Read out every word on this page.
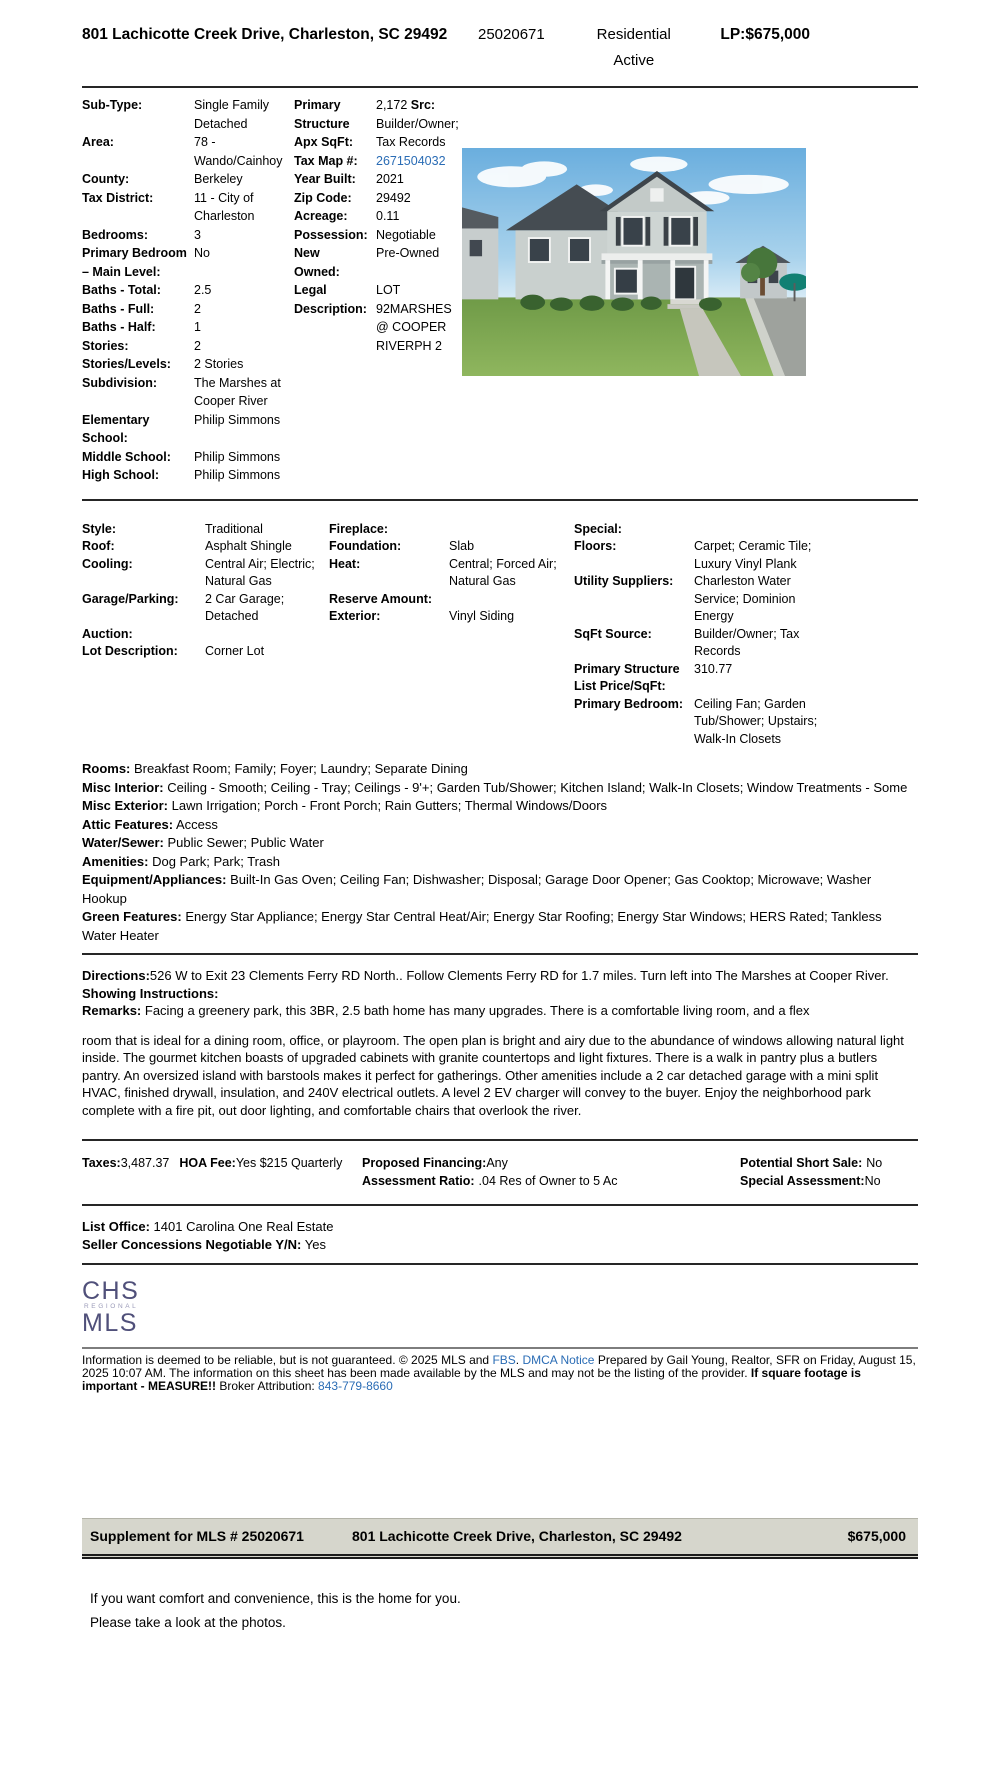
801 Lachicotte Creek Drive, Charleston, SC 29492	25020671	Residential
Active
LP:$675,000
Sub-Type:	Single Family Detached
Area:	78 - Wando/Cainhoy
County:	Berkeley
Tax District:	11 - City of Charleston
Bedrooms:	3
Primary Bedroom – Main Level:
No
Baths - Total:	2.5
Baths - Full:	2
Baths - Half:	1
Stories:	2
Stories/Levels:	2 Stories
Subdivision:	The Marshes at Cooper River
Elementary School:
Philip Simmons
Middle School:	Philip Simmons
High School:	Philip Simmons
Primary Structure Apx SqFt:
2,172 Src: Builder/Owner; Tax Records
Tax Map #:	2671504032
Year Built:	2021
Zip Code:	29492
Acreage:	0.11
Possession: Negotiable
New
Owned:
Pre-Owned
Legal Description:
LOT 92MARSHES @ COOPER RIVERPH 2
Style:	Traditional
Roof:	Asphalt Shingle
Cooling:	Central Air; Electric; Natural Gas
Garage/Parking:	2 Car Garage; Detached
Auction:
Lot Description:	Corner Lot
Fireplace:
Foundation:	Slab
Heat:	Central; Forced Air; Natural Gas
Reserve Amount:
Exterior:	Vinyl Siding
Special:
Floors:	Carpet; Ceramic Tile; Luxury Vinyl Plank
Utility Suppliers:	Charleston Water Service; Dominion Energy
SqFt Source:	Builder/Owner; Tax Records
Primary Structure List Price/SqFt:
310.77
Primary Bedroom: Ceiling Fan; Garden Tub/Shower; Upstairs; Walk-In Closets

Rooms: Breakfast Room; Family; Foyer; Laundry; Separate Dining

Misc Interior: Ceiling - Smooth; Ceiling - Tray; Ceilings - 9'+; Garden Tub/Shower; Kitchen Island; Walk-In Closets; Window Treatments - Some

Misc Exterior: Lawn Irrigation; Porch - Front Porch; Rain Gutters; Thermal Windows/Doors

Attic Features: Access

Water/Sewer: Public Sewer; Public Water

Amenities: Dog Park; Park; Trash

Equipment/Appliances: Built-In Gas Oven; Ceiling Fan; Dishwasher; Disposal; Garage Door Opener; Gas Cooktop; Microwave; Washer Hookup

Green Features: Energy Star Appliance; Energy Star Central Heat/Air; Energy Star Roofing; Energy Star Windows; HERS Rated; Tankless Water Heater

Directions:526 W to Exit 23 Clements Ferry RD North.. Follow Clements Ferry RD for 1.7 miles. Turn left into The Marshes at Cooper River.

Showing Instructions:

Remarks: Facing a greenery park, this 3BR, 2.5 bath home has many upgrades. There is a comfortable living room, and a flex

room that is ideal for a dining room, office, or playroom. The open plan is bright and airy due to the abundance of windows allowing natural light inside. The gourmet kitchen boasts of upgraded cabinets with granite countertops and light fixtures. There is a walk in pantry plus a butlers pantry. An oversized island with barstools makes it perfect for gatherings. Other amenities include a 2 car detached garage with a mini split HVAC, finished drywall, insulation, and 240V electrical outlets. A level 2 EV charger will convey to the buyer. Enjoy the neighborhood park complete with a fire pit, out door lighting, and comfortable chairs that overlook the river.

Taxes:3,487.37 HOA Fee:Yes $215 Quarterly	Proposed Financing:Any
Assessment Ratio: .04 Res of Owner to 5 Ac
Potential Short Sale: No
Special Assessment:No
List Office: 1401 Carolina One Real Estate
Seller Concessions Negotiable Y/N: Yes
CHS
REGIONAL
MLS

Information is deemed to be reliable, but is not guaranteed. © 2025 MLS and FBS. DMCA Notice Prepared by Gail Young, Realtor, SFR on Friday, August 15, 2025 10:07 AM. The information on this sheet has been made available by the MLS and may not be the listing of the provider. If square footage is important - MEASURE!! Broker Attribution: 843-779-8660

Supplement for MLS # 25020671	801 Lachicotte Creek Drive, Charleston, SC 29492	$675,000
If you want comfort and convenience, this is the home for you.
Please take a look at the photos.
